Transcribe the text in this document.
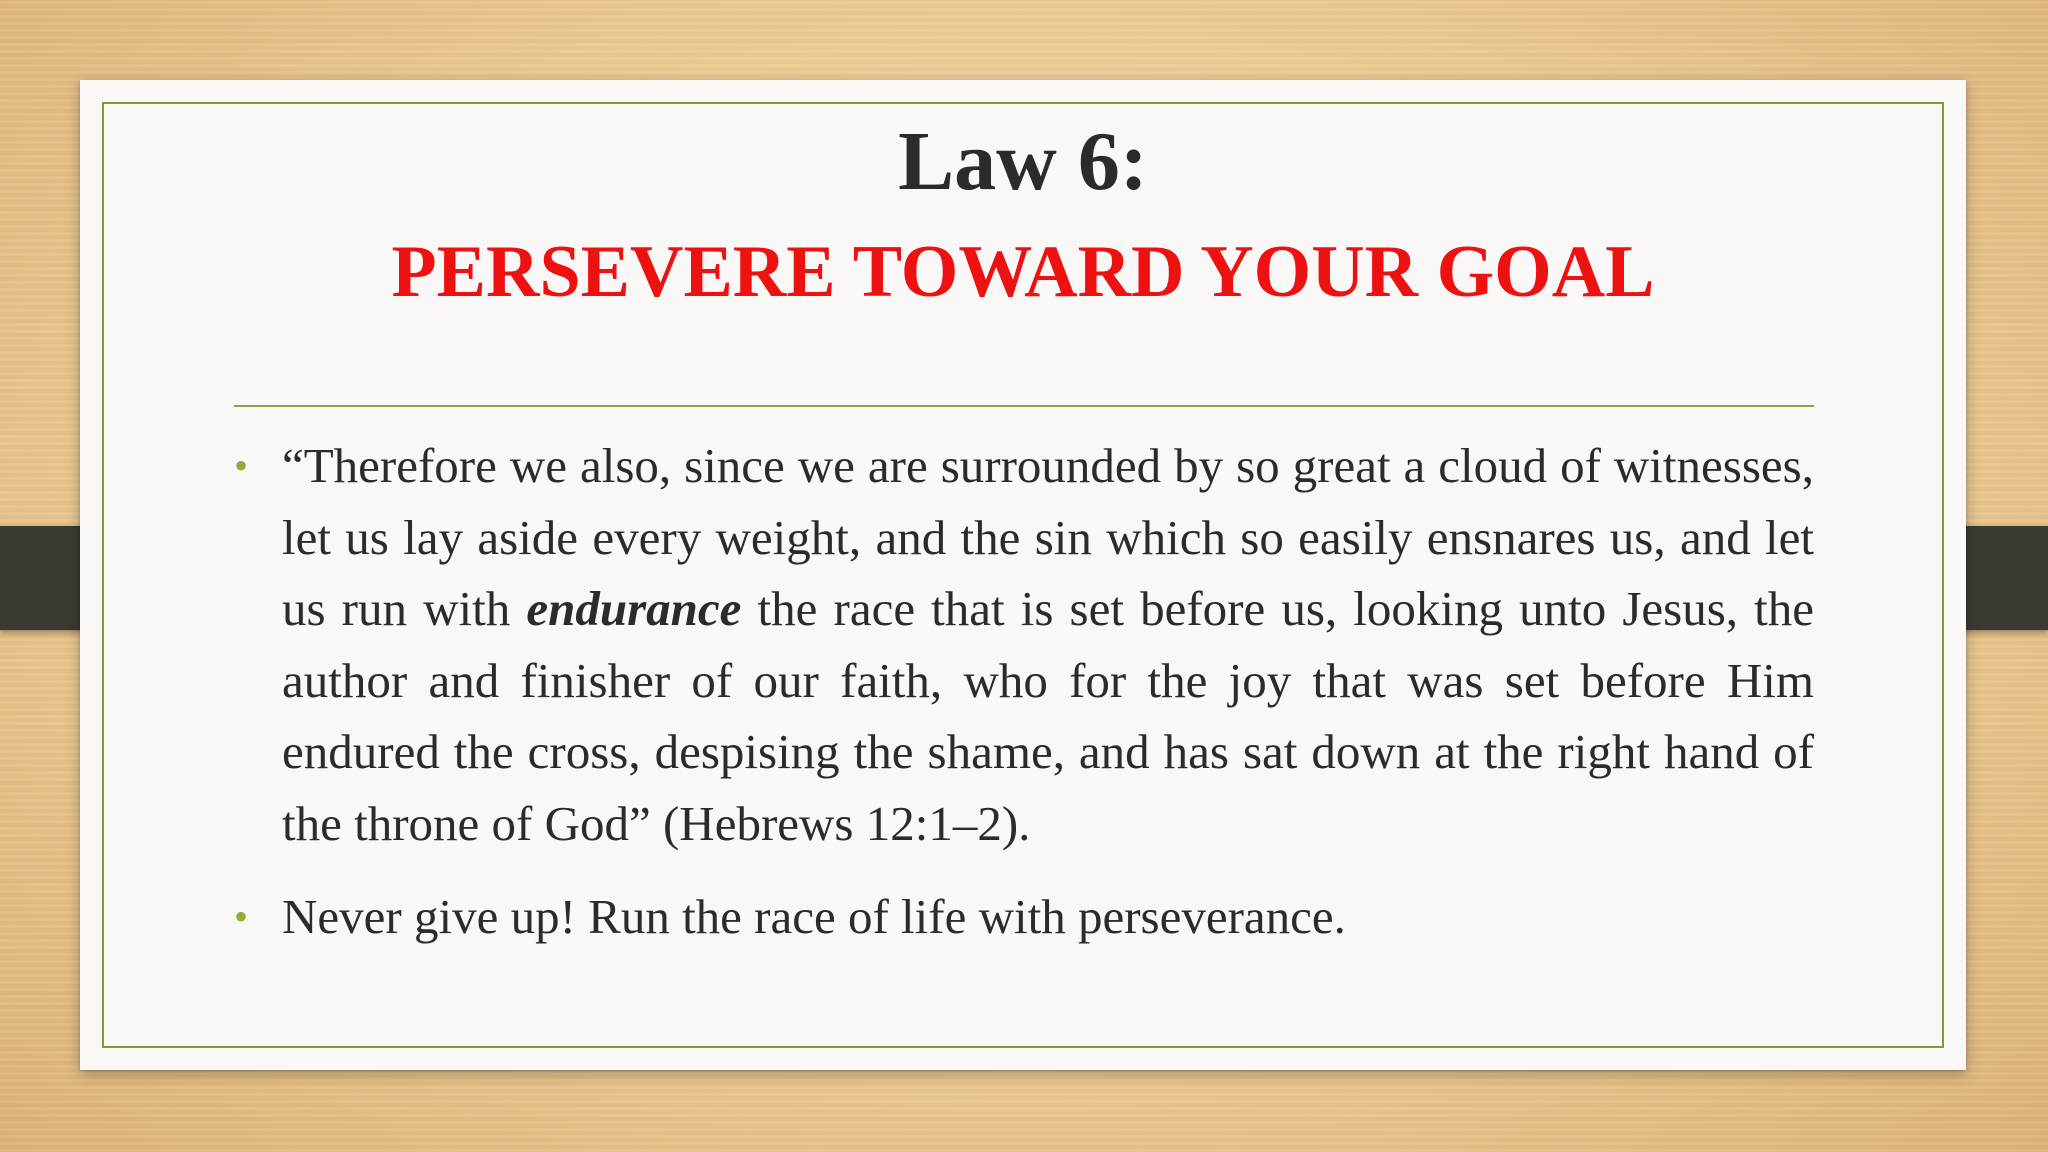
Law 6:
PERSEVERE TOWARD YOUR GOAL
• “Therefore we also, since we are surrounded by so great a cloud of witnesses, let us lay aside every weight, and the sin which so easily ensnares us, and let us run with endurance the race that is set before us, looking unto Jesus, the author and finisher of our faith, who for the joy that was set before Him endured the cross, despising the shame, and has sat down at the right hand of the throne of God” (Hebrews 12:1–2).
• Never give up! Run the race of life with perseverance.
